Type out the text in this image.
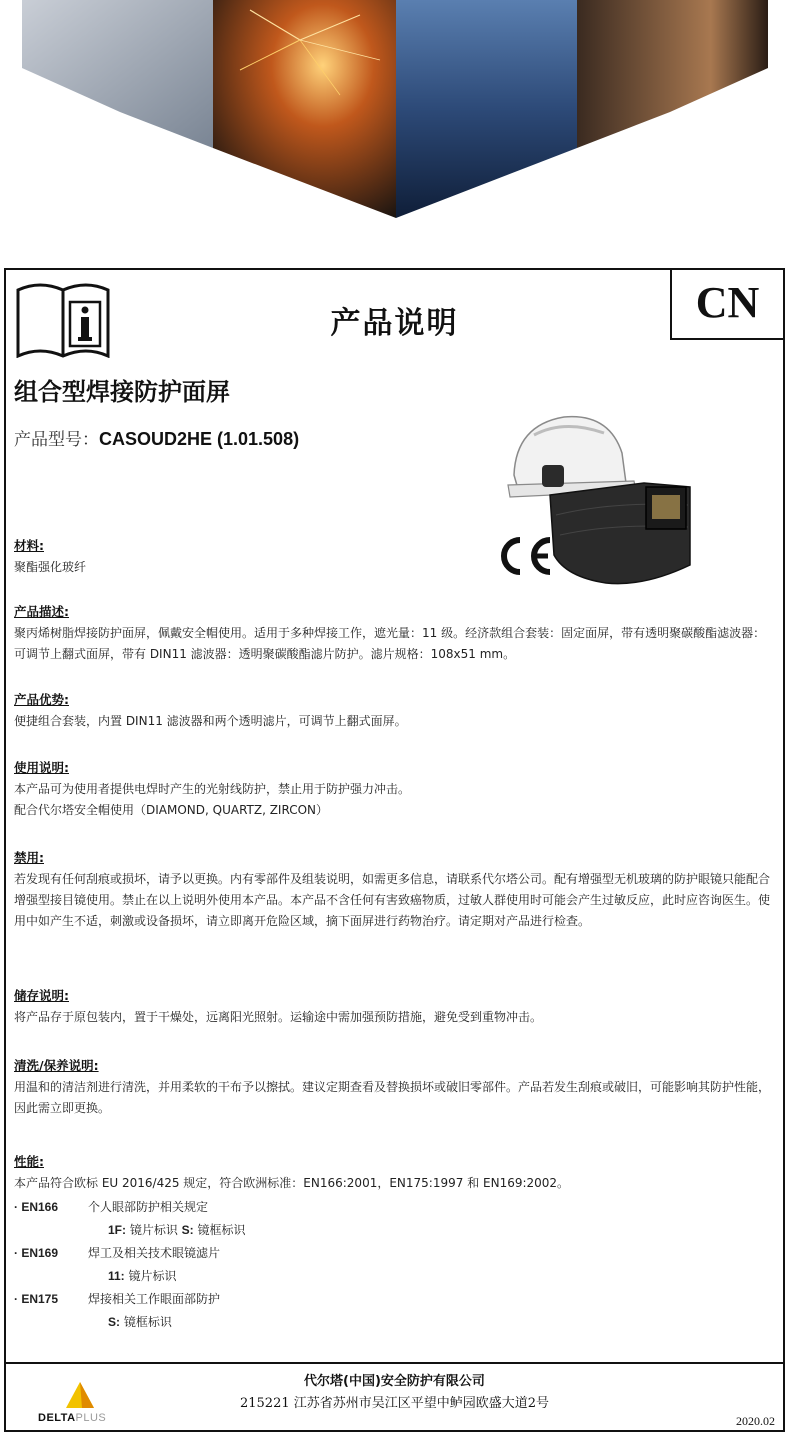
产品说明	CN
组合型焊接防护面屏
产品型号：CASOUD2HE (1.01.508)

材料:

聚酯强化玻纤

产品描述:

聚丙烯树脂焊接防护面屏，佩戴安全帽使用。适用于多种焊接工作，遮光量：11 级。经济款组合套装：固定面屏，带有透明聚碳酸酯滤波器：可调节上翻式面屏，带有 DIN11 滤波器：透明聚碳酸酯滤片防护。滤片规格：108x51 mm。

产品优势:

便捷组合套装，内置 DIN11 滤波器和两个透明滤片，可调节上翻式面屏。

使用说明:

本产品可为使用者提供电焊时产生的光射线防护，禁止用于防护强力冲击。

配合代尔塔安全帽使用（DIAMOND, QUARTZ, ZIRCON）

禁用:

若发现有任何刮痕或损坏，请予以更换。内有零部件及组装说明，如需更多信息，请联系代尔塔公司。配有增强型无机玻璃的防护眼镜只能配合增强型接目镜使用。禁止在以上说明外使用本产品。本产品不含任何有害致癌物质，过敏人群使用时可能会产生过敏反应，此时应咨询医生。使用中如产生不适，刺激或设备损坏，请立即离开危险区域，摘下面屏进行药物治疗。请定期对产品进行检查。

储存说明:

将产品存于原包装内，置于干燥处，远离阳光照射。运输途中需加强预防措施，避免受到重物冲击。

清洗/保养说明:

用温和的清洁剂进行清洗，并用柔软的干布予以擦拭。建议定期查看及替换损坏或破旧零部件。产品若发生刮痕或破旧，可能影响其防护性能，因此需立即更换。

性能:

本产品符合欧标 EU 2016/425 规定，符合欧洲标准：EN166:2001，EN175:1997 和 EN169:2002。

· EN166 个人眼部防护相关规定
1F: 镜片标识 S: 镜框标识
· EN169 焊工及相关技术眼镜滤片
11: 镜片标识
· EN175 焊接相关工作眼面部防护
S: 镜框标识
DELTAPLUS
代尔塔(中国)安全防护有限公司
215221 江苏省苏州市吴江区平望中鲈园欧盛大道2号
2020.02
